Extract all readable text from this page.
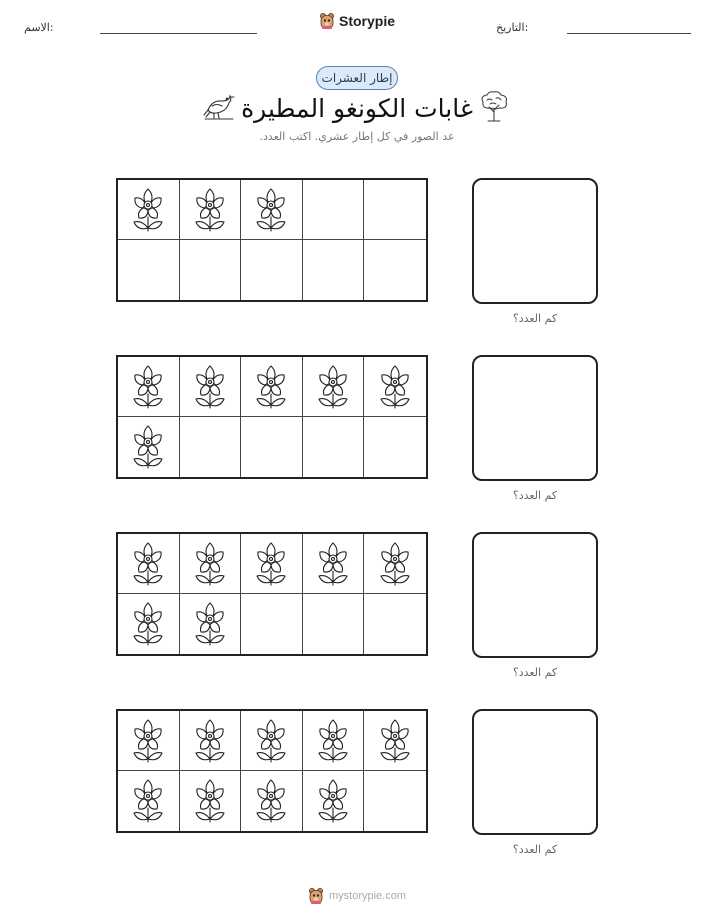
الاسم:	Storypie	التاريخ:
إطار العشرات
غابات الكونغو المطيرة
عد الصور في كل إطار عشري. اكتب العدد.
كم العدد؟
كم العدد؟
كم العدد؟
كم العدد؟
mystorypie.com
